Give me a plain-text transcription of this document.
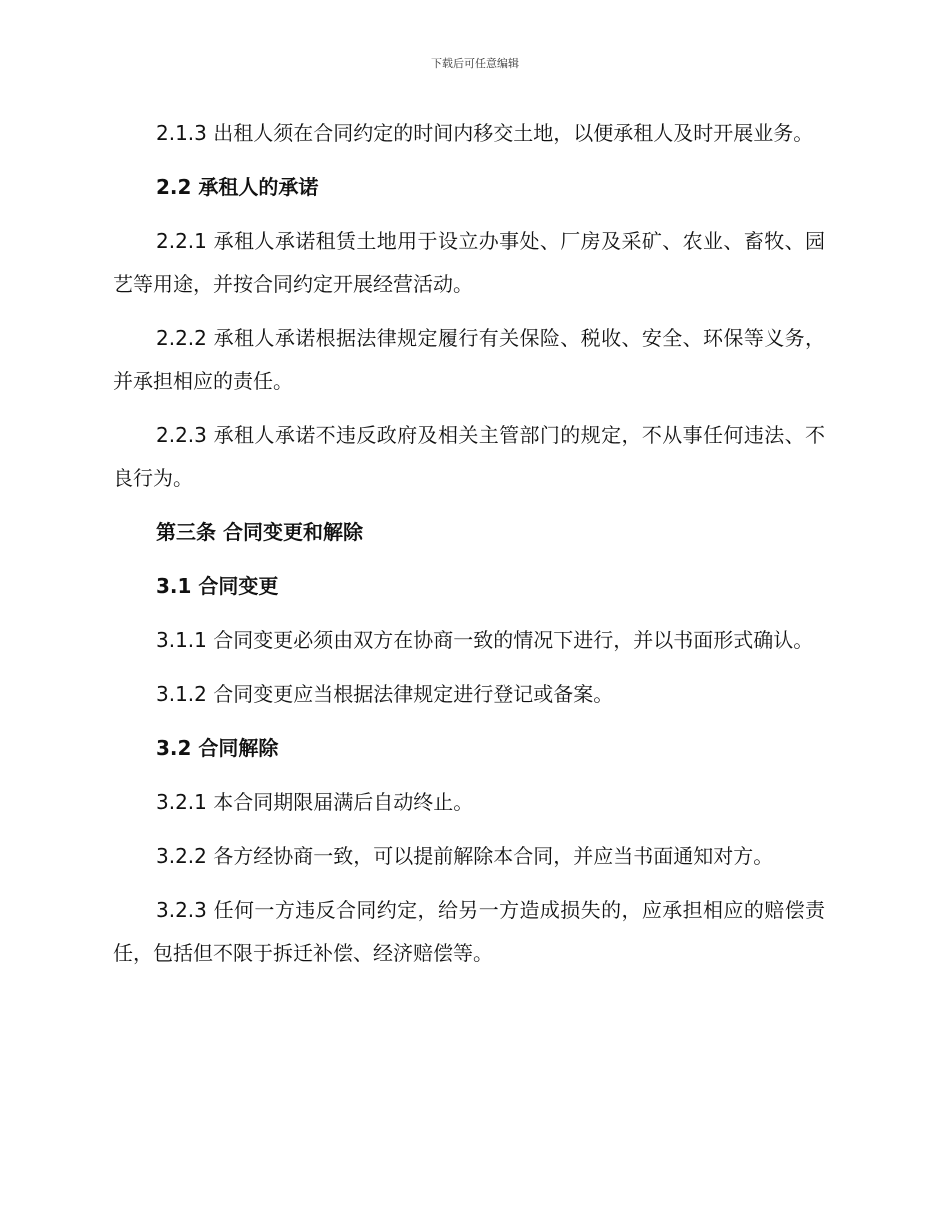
下载后可任意编辑

2.1.3 出租人须在合同约定的时间内移交土地，以便承租人及时开展业务。

2.2 承租人的承诺

2.2.1 承租人承诺租赁土地用于设立办事处、厂房及采矿、农业、畜牧、园艺等用途，并按合同约定开展经营活动。

2.2.2 承租人承诺根据法律规定履行有关保险、税收、安全、环保等义务，并承担相应的责任。

2.2.3 承租人承诺不违反政府及相关主管部门的规定，不从事任何违法、不良行为。

第三条 合同变更和解除

3.1 合同变更

3.1.1 合同变更必须由双方在协商一致的情况下进行，并以书面形式确认。

3.1.2 合同变更应当根据法律规定进行登记或备案。

3.2 合同解除

3.2.1 本合同期限届满后自动终止。

3.2.2 各方经协商一致，可以提前解除本合同，并应当书面通知对方。

3.2.3 任何一方违反合同约定，给另一方造成损失的，应承担相应的赔偿责任，包括但不限于拆迁补偿、经济赔偿等。
